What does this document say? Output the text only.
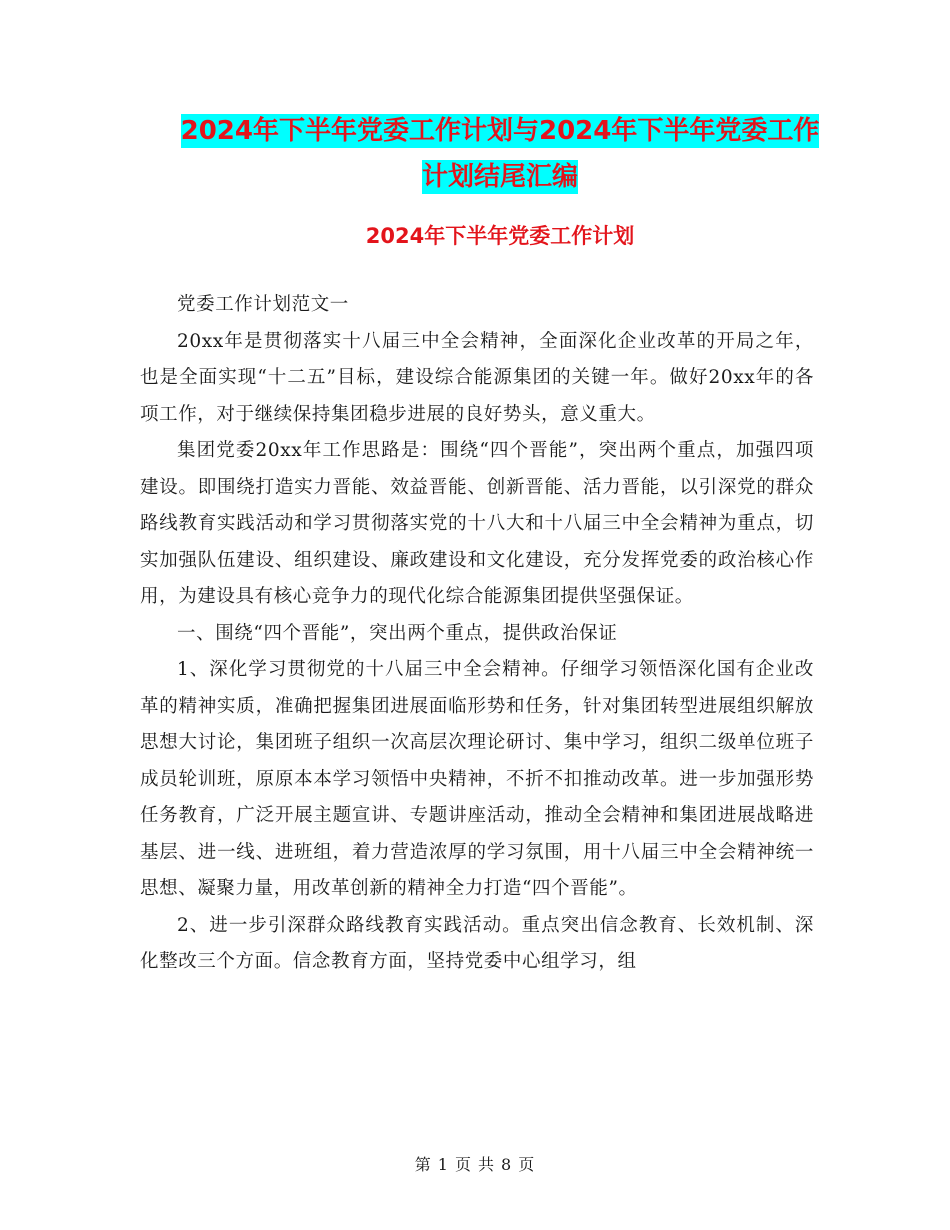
2024年下半年党委工作计划与2024年下半年党委工作
计划结尾汇编
2024年下半年党委工作计划

党委工作计划范文一

20xx年是贯彻落实十八届三中全会精神，全面深化企业改革的开局之年，也是全面实现“十二五”目标，建设综合能源集团的关键一年。做好20xx年的各项工作，对于继续保持集团稳步进展的良好势头，意义重大。

集团党委20xx年工作思路是：围绕“四个晋能”，突出两个重点，加强四项建设。即围绕打造实力晋能、效益晋能、创新晋能、活力晋能，以引深党的群众路线教育实践活动和学习贯彻落实党的十八大和十八届三中全会精神为重点，切实加强队伍建设、组织建设、廉政建设和文化建设，充分发挥党委的政治核心作用，为建设具有核心竞争力的现代化综合能源集团提供坚强保证。

一、围绕“四个晋能”，突出两个重点，提供政治保证

1、深化学习贯彻党的十八届三中全会精神。仔细学习领悟深化国有企业改革的精神实质，准确把握集团进展面临形势和任务，针对集团转型进展组织解放思想大讨论，集团班子组织一次高层次理论研讨、集中学习，组织二级单位班子成员轮训班，原原本本学习领悟中央精神，不折不扣推动改革。进一步加强形势任务教育，广泛开展主题宣讲、专题讲座活动，推动全会精神和集团进展战略进基层、进一线、进班组，着力营造浓厚的学习氛围，用十八届三中全会精神统一思想、凝聚力量，用改革创新的精神全力打造“四个晋能”。

2、进一步引深群众路线教育实践活动。重点突出信念教育、长效机制、深化整改三个方面。信念教育方面，坚持党委中心组学习，组

第 1 页 共 8 页
